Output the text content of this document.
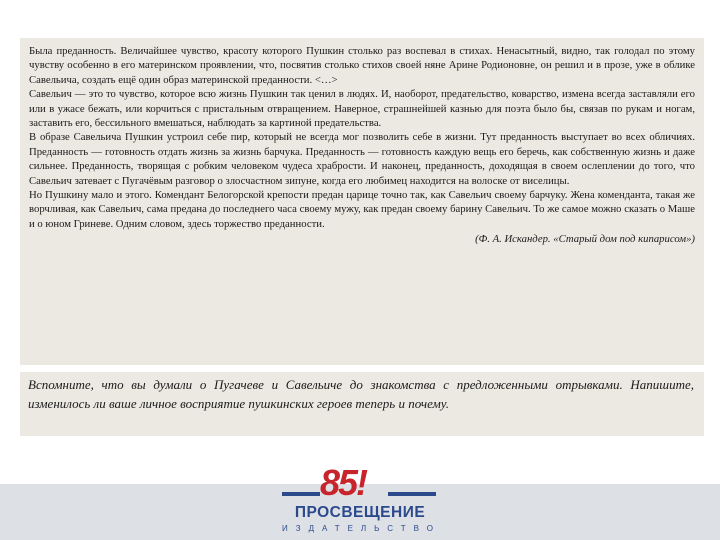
Была преданность. Величайшее чувство, красоту которого Пушкин столько раз воспевал в стихах. Ненасытный, видно, так голодал по этому чувству особенно в его материнском проявлении, что, посвятив столько стихов своей няне Арине Родионовне, он решил и в прозе, уже в облике Савельича, создать ещё один образ материнской преданности. <…>

Савельич — это то чувство, которое всю жизнь Пушкин так ценил в людях. И, наоборот, предательство, коварство, измена всегда заставляли его или в ужасе бежать, или корчиться с пристальным отвращением. Наверное, страшнейшей казнью для поэта было бы, связав по рукам и ногам, заставить его, бессильного вмешаться, наблюдать за картиной предательства.

В образе Савельича Пушкин устроил себе пир, который не всегда мог позволить себе в жизни. Тут преданность выступает во всех обличиях. Преданность — готовность отдать жизнь за жизнь барчука. Преданность — готовность каждую вещь его беречь, как собственную жизнь и даже сильнее. Преданность, творящая с робким человеком чудеса храбрости. И наконец, преданность, доходящая в своем ослеплении до того, что Савельич затевает с Пугачёвым разговор о злосчастном зипуне, когда его любимец находится на волоске от виселицы.

Но Пушкину мало и этого. Комендант Белогорской крепости предан царице точно так, как Савельич своему барчуку. Жена коменданта, такая же ворчливая, как Савельич, сама предана до последнего часа своему мужу, как предан своему барину Савельич. То же самое можно сказать о Маше и о юном Гриневе. Одним словом, здесь торжество преданности.

(Ф. А. Искандер. «Старый дом под кипарисом»)

Вспомните, что вы думали о Пугачеве и Савельиче до знакомства с предложенными отрывками. Напишите, изменилось ли ваше личное восприятие пушкинских героев теперь и почему.
85!
ПРОСВЕЩЕНИЕ
ИЗДАТЕЛЬСТВО
